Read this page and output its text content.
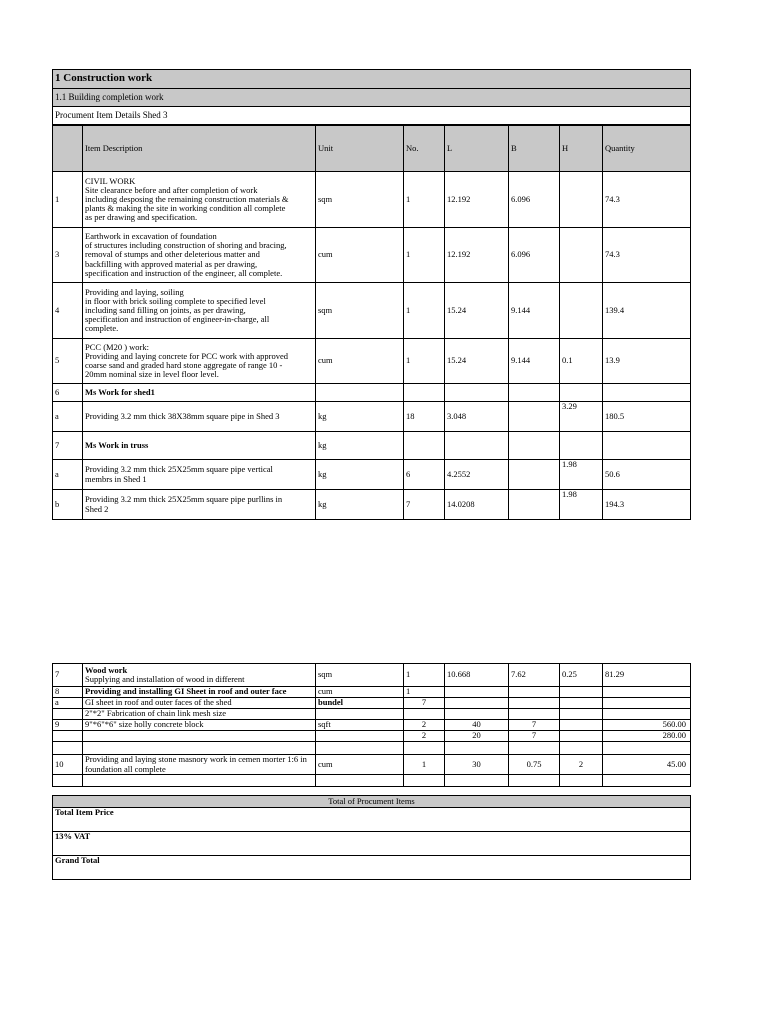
1 Construction work
1.1 Building completion work
Procument Item Details Shed 3
	Item Description	Unit	No.	L	B	H	Quantity
1	CIVIL WORK
Site clearance before and after completion of work
including desposing the remaining construction materials &
plants & making the site in working condition all complete
as per drawing and specification.	sqm	1	12.192	6.096		74.3
3	Earthwork in excavation of foundation
of structures including construction of shoring and bracing,
removal of stumps and other deleterious matter and
backfilling with approved material as per drawing,
specification and instruction of the engineer, all complete.	cum	1	12.192	6.096		74.3
4	Providing and laying, soiling
in floor with brick soiling complete to specified level
including sand filling on joints, as per drawing,
specification and instruction of engineer-in-charge, all
complete.	sqm	1	15.24	9.144		139.4
5	PCC (M20 ) work:
Providing and laying concrete for PCC work with approved
coarse sand and graded hard stone aggregate of range 10 -
20mm nominal size in level floor level.	cum	1	15.24	9.144	0.1	13.9
6	Ms Work for shed1						

a	Providing 3.2 mm thick 38X38mm square pipe in Shed 3	kg	18	3.048		3.29	180.5
7	Ms Work in truss	kg					
a	Providing 3.2 mm thick 25X25mm square pipe vertical
membrs in Shed 1	kg	6	4.2552		1.98	50.6
b	Providing 3.2 mm thick 25X25mm square pipe purllins in
Shed 2	kg	7	14.0208		1.98	194.3
7	Wood work
Supplying and installation of wood in different	sqm	1	10.668	7.62	0.25	81.29
8	Providing and installing GI Sheet in roof and outer face	cum	1				
a	GI sheet in roof and outer faces of the shed	bundel	7				

	2"*2" Fabrication of chain link mesh size						

9	9"*6"*6" size holly concrete block	sqft	2	40	7		560.00
			2	20	7		280.00

10	Providing and laying stone masnory work in cemen morter 1:6 in foundation all complete	cum	1	30	0.75	2	45.00

Total of Procument Items
Total Item Price
13% VAT
Grand Total
